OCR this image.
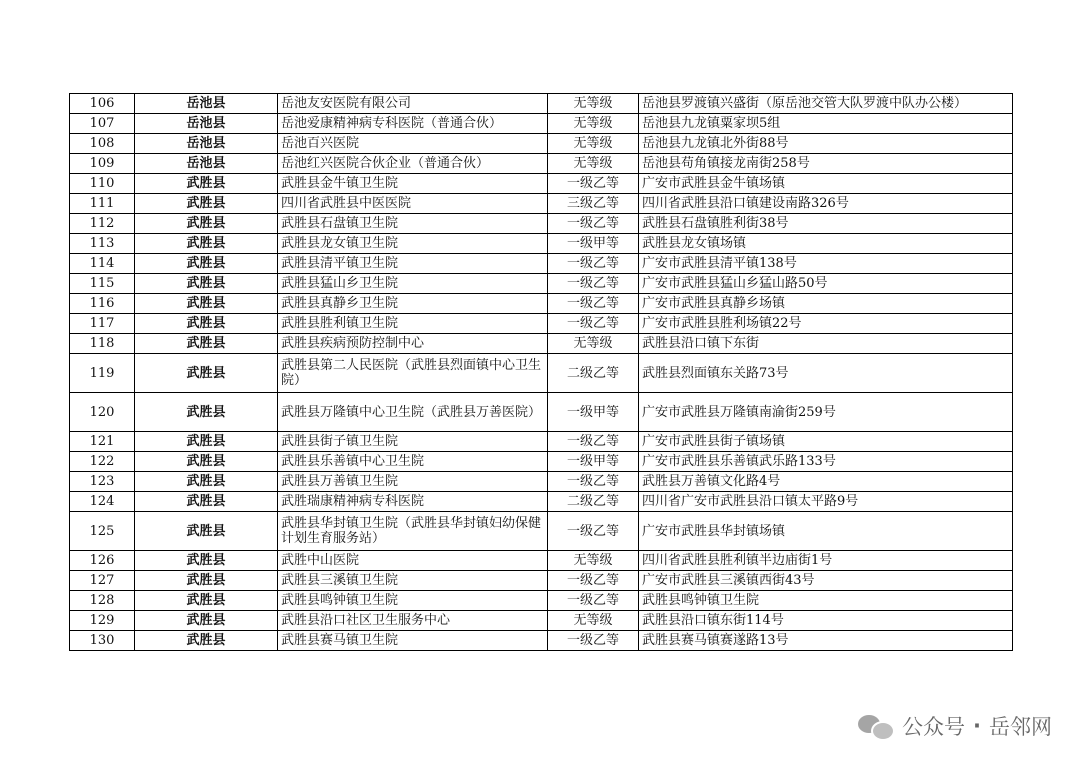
106	岳池县	岳池友安医院有限公司	无等级	岳池县罗渡镇兴盛街（原岳池交管大队罗渡中队办公楼）
107	岳池县	岳池爱康精神病专科医院（普通合伙）	无等级	岳池县九龙镇粟家坝5组
108	岳池县	岳池百兴医院	无等级	岳池县九龙镇北外街88号
109	岳池县	岳池红兴医院合伙企业（普通合伙）	无等级	岳池县苟角镇接龙南街258号
110	武胜县	武胜县金牛镇卫生院	一级乙等	广安市武胜县金牛镇场镇
111	武胜县	四川省武胜县中医医院	三级乙等	四川省武胜县沿口镇建设南路326号
112	武胜县	武胜县石盘镇卫生院	一级乙等	武胜县石盘镇胜利街38号
113	武胜县	武胜县龙女镇卫生院	一级甲等	武胜县龙女镇场镇
114	武胜县	武胜县清平镇卫生院	一级乙等	广安市武胜县清平镇138号
115	武胜县	武胜县猛山乡卫生院	一级乙等	广安市武胜县猛山乡猛山路50号
116	武胜县	武胜县真静乡卫生院	一级乙等	广安市武胜县真静乡场镇
117	武胜县	武胜县胜利镇卫生院	一级乙等	广安市武胜县胜利场镇22号
118	武胜县	武胜县疾病预防控制中心	无等级	武胜县沿口镇下东街
119	武胜县	武胜县第二人民医院（武胜县烈面镇中心卫生院）	二级乙等	武胜县烈面镇东关路73号
120	武胜县	武胜县万隆镇中心卫生院（武胜县万善医院）	一级甲等	广安市武胜县万隆镇南渝街259号
121	武胜县	武胜县街子镇卫生院	一级乙等	广安市武胜县街子镇场镇
122	武胜县	武胜县乐善镇中心卫生院	一级甲等	广安市武胜县乐善镇武乐路133号
123	武胜县	武胜县万善镇卫生院	一级乙等	武胜县万善镇文化路4号
124	武胜县	武胜瑞康精神病专科医院	二级乙等	四川省广安市武胜县沿口镇太平路9号
125	武胜县	武胜县华封镇卫生院（武胜县华封镇妇幼保健计划生育服务站）	一级乙等	广安市武胜县华封镇场镇
126	武胜县	武胜中山医院	无等级	四川省武胜县胜利镇半边庙街1号
127	武胜县	武胜县三溪镇卫生院	一级乙等	广安市武胜县三溪镇西街43号
128	武胜县	武胜县鸣钟镇卫生院	一级乙等	武胜县鸣钟镇卫生院
129	武胜县	武胜县沿口社区卫生服务中心	无等级	武胜县沿口镇东街114号
130	武胜县	武胜县赛马镇卫生院	一级乙等	武胜县赛马镇赛遂路13号
公众号 · 岳邻网
